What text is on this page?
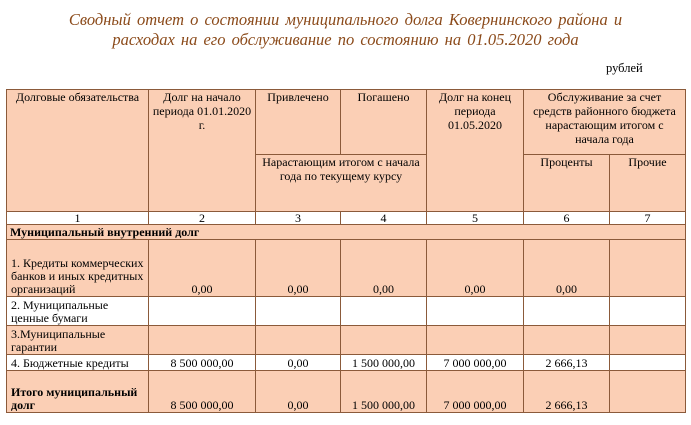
Сводный отчет о состоянии муниципального долга Ковернинского района и
расходах на его обслуживание по состоянию на 01.05.2020 года
рублей
Долговые обязательства	Долг на начало периода 01.01.2020 г.	Привлечено	Погашено	Долг на конец периода 01.05.2020	Обслуживание за счет средств районного бюджета нарастающим итогом с начала года	
		Нарастающим итогом с начала года по текущему курсу			Проценты	Прочие
1	2	3	4	5	6	7
Муниципальный внутренний долг						
1. Кредиты коммерческих банков и иных кредитных организаций	0,00	0,00	0,00	0,00	0,00	
2. Муниципальные ценные бумаги						
3.Муниципальные гарантии						
4. Бюджетные кредиты	8 500 000,00	0,00	1 500 000,00	7 000 000,00	2 666,13	
Итого муниципальный долг	8 500 000,00	0,00	1 500 000,00	7 000 000,00	2 666,13	
